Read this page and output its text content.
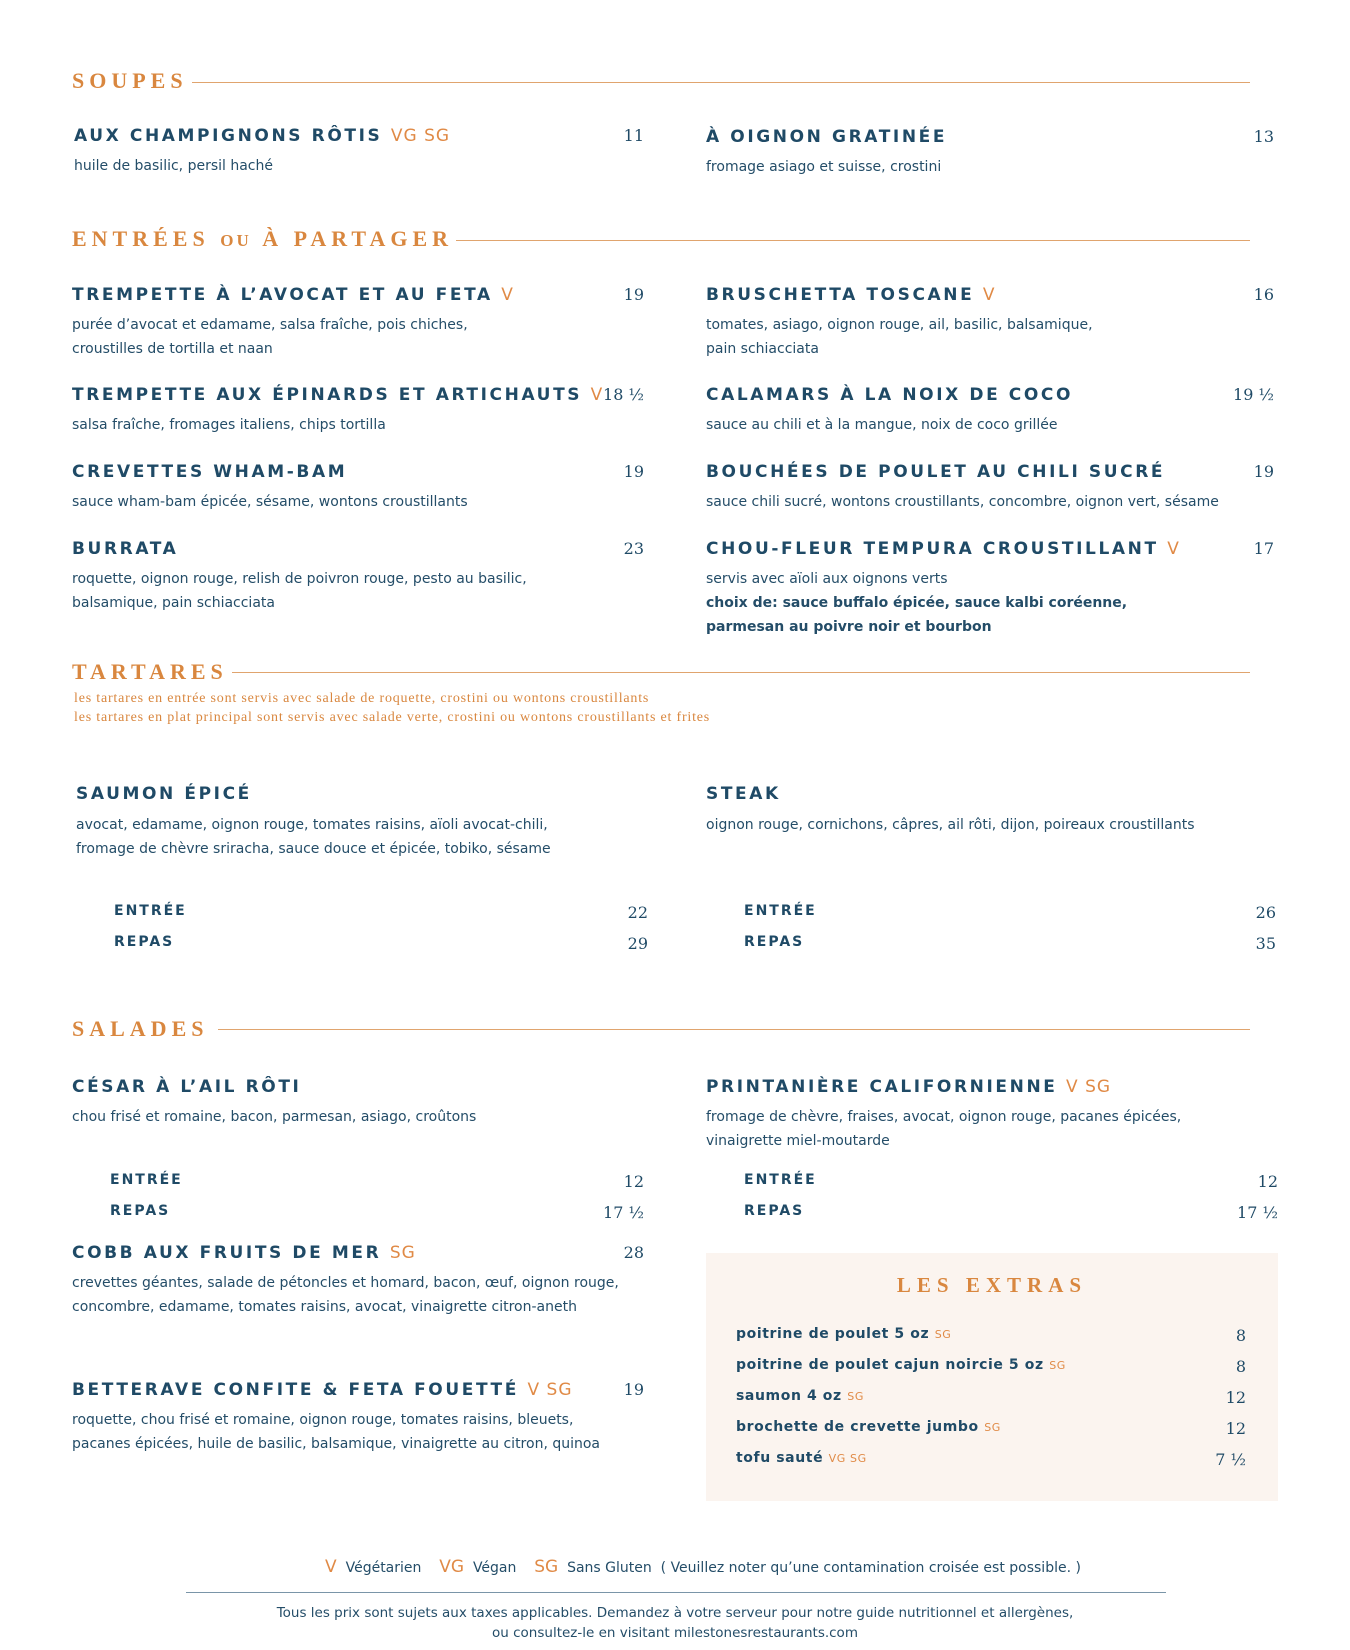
SOUPES
AUX CHAMPIGNONS RÔTIS VG SG	11
huile de basilic, persil haché
À OIGNON GRATINÉE	13
fromage asiago et suisse, crostini
ENTRÉES OU À PARTAGER
TREMPETTE À L’AVOCAT ET AU FETA V	19
purée d’avocat et edamame, salsa fraîche, pois chiches,
croustilles de tortilla et naan
BRUSCHETTA TOSCANE V	16
tomates, asiago, oignon rouge, ail, basilic, balsamique,
pain schiacciata
TREMPETTE AUX ÉPINARDS ET ARTICHAUTS V 18 ½
salsa fraîche, fromages italiens, chips tortilla
CALAMARS À LA NOIX DE COCO	19 ½
sauce au chili et à la mangue, noix de coco grillée
CREVETTES WHAM-BAM	19
sauce wham-bam épicée, sésame, wontons croustillants
BOUCHÉES DE POULET AU CHILI SUCRÉ	19
sauce chili sucré, wontons croustillants, concombre, oignon vert, sésame
BURRATA	23
roquette, oignon rouge, relish de poivron rouge, pesto au basilic,
balsamique, pain schiacciata
CHOU-FLEUR TEMPURA CROUSTILLANT V	17
servis avec aïoli aux oignons verts
choix de: sauce buffalo épicée, sauce kalbi coréenne,
parmesan au poivre noir et bourbon
TARTARES
les tartares en entrée sont servis avec salade de roquette, crostini ou wontons croustillants
les tartares en plat principal sont servis avec salade verte, crostini ou wontons croustillants et frites
SAUMON ÉPICÉ
avocat, edamame, oignon rouge, tomates raisins, aïoli avocat-chili,
fromage de chèvre sriracha, sauce douce et épicée, tobiko, sésame
ENTRÉE	22
REPAS	29
STEAK
oignon rouge, cornichons, câpres, ail rôti, dijon, poireaux croustillants
ENTRÉE	26
REPAS	35
SALADES
CÉSAR À L’AIL RÔTI
chou frisé et romaine, bacon, parmesan, asiago, croûtons
ENTRÉE	12
REPAS	17 ½
PRINTANIÈRE CALIFORNIENNE V SG
fromage de chèvre, fraises, avocat, oignon rouge, pacanes épicées,
vinaigrette miel-moutarde
ENTRÉE	12
REPAS	17 ½
COBB AUX FRUITS DE MER SG	28
crevettes géantes, salade de pétoncles et homard, bacon, œuf, oignon rouge,
concombre, edamame, tomates raisins, avocat, vinaigrette citron-aneth
BETTERAVE CONFITE & FETA FOUETTÉ V SG	19
roquette, chou frisé et romaine, oignon rouge, tomates raisins, bleuets,
pacanes épicées, huile de basilic, balsamique, vinaigrette au citron, quinoa
LES EXTRAS
poitrine de poulet 5 oz SG	8
poitrine de poulet cajun noircie 5 oz SG	8
saumon 4 oz SG	12
brochette de crevette jumbo SG	12
tofu sauté VG SG	7 ½
V Végétarien VG Végan SG Sans Gluten ( Veuillez noter qu’une contamination croisée est possible. )
Tous les prix sont sujets aux taxes applicables. Demandez à votre serveur pour notre guide nutritionnel et allergènes,
ou consultez-le en visitant milestonesrestaurants.com
